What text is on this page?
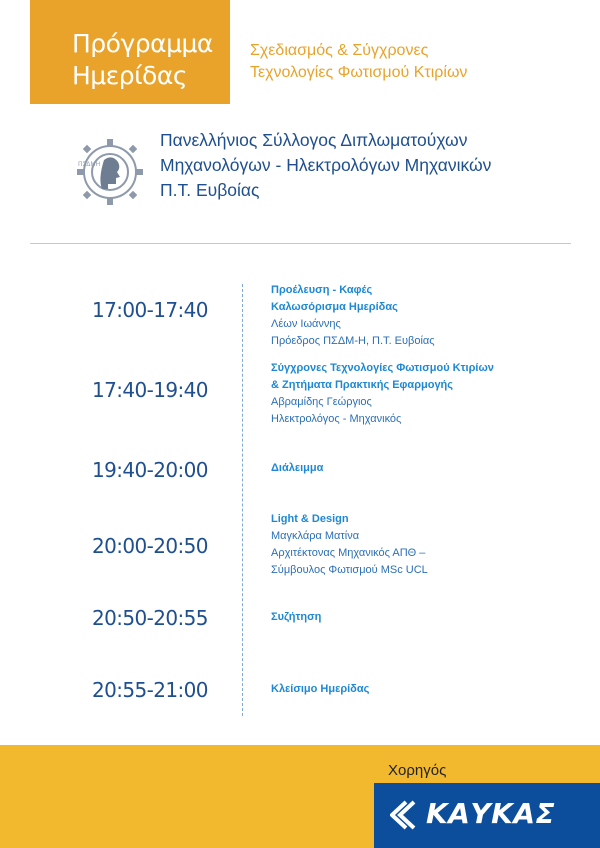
Πρόγραμμα
Ημερίδας
Σχεδιασμός & Σύγχρονες
Τεχνολογίες Φωτισμού Κτιρίων
ΠΣΔΜΗ
Πανελλήνιος Σύλλογος Διπλωματούχων
Μηχανολόγων - Ηλεκτρολόγων Μηχανικών
Π.Τ. Ευβοίας
17:00-17:40
Προέλευση - Καφές
Καλωσόρισμα Ημερίδας
Λέων Ιωάννης
Πρόεδρος ΠΣΔΜ-Η, Π.Τ. Ευβοίας
17:40-19:40
Σύγχρονες Τεχνολογίες Φωτισμού Κτιρίων
& Ζητήματα Πρακτικής Εφαρμογής
Αβραμίδης Γεώργιος
Ηλεκτρολόγος - Μηχανικός
19:40-20:00	Διάλειμμα
20:00-20:50
Light & Design
Μαγκλάρα Ματίνα
Αρχιτέκτονας Μηχανικός ΑΠΘ –
Σύμβουλος Φωτισμού MSc UCL
20:50-20:55	Συζήτηση
20:55-21:00	Κλείσιμο Ημερίδας
Χορηγός
ΚΑΥΚΑΣ
